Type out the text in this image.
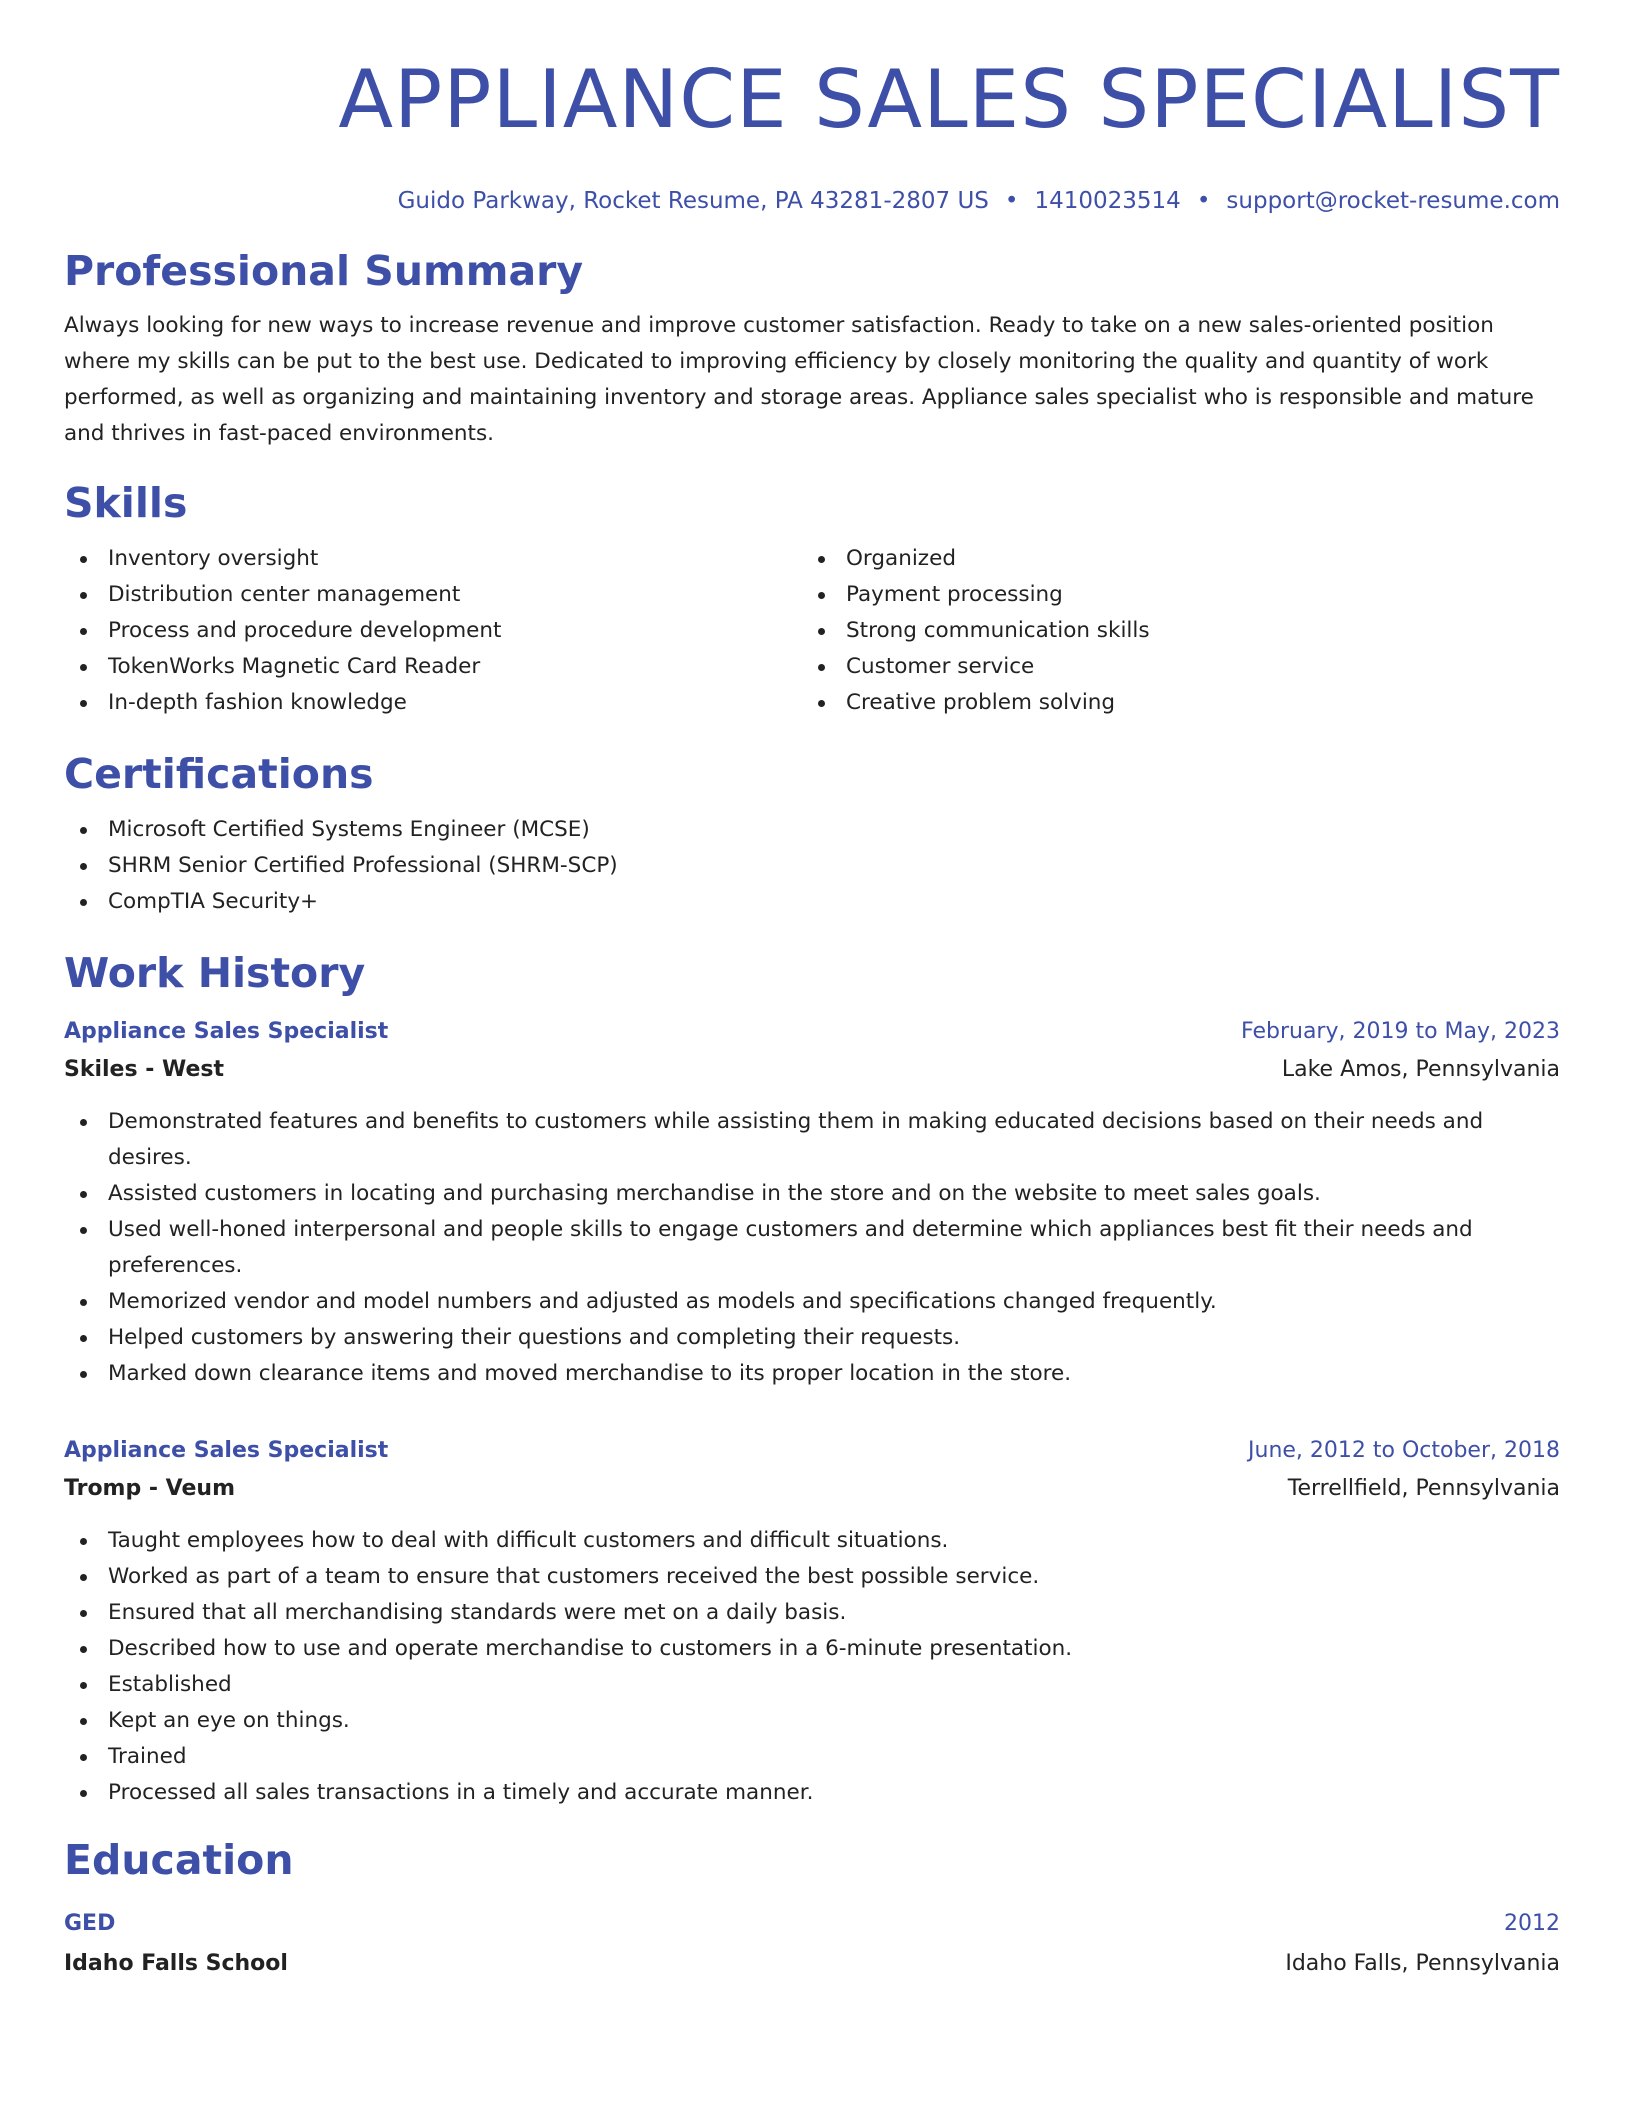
APPLIANCE SALES SPECIALIST
Guido Parkway, Rocket Resume, PA 43281-2807 US • 1410023514 • support@rocket-resume.com
Professional Summary
Always looking for new ways to increase revenue and improve customer satisfaction. Ready to take on a new sales-oriented position where my skills can be put to the best use. Dedicated to improving efficiency by closely monitoring the quality and quantity of work performed, as well as organizing and maintaining inventory and storage areas. Appliance sales specialist who is responsible and mature and thrives in fast-paced environments.
Skills
Inventory oversight
Distribution center management
Process and procedure development
TokenWorks Magnetic Card Reader
In-depth fashion knowledge
Organized
Payment processing
Strong communication skills
Customer service
Creative problem solving
Certifications
Microsoft Certified Systems Engineer (MCSE)
SHRM Senior Certified Professional (SHRM-SCP)
CompTIA Security+
Work History
Appliance Sales Specialist	February, 2019 to May, 2023
Skiles - West	Lake Amos, Pennsylvania
Demonstrated features and benefits to customers while assisting them in making educated decisions based on their needs and desires.
Assisted customers in locating and purchasing merchandise in the store and on the website to meet sales goals.
Used well-honed interpersonal and people skills to engage customers and determine which appliances best fit their needs and preferences.
Memorized vendor and model numbers and adjusted as models and specifications changed frequently.
Helped customers by answering their questions and completing their requests.
Marked down clearance items and moved merchandise to its proper location in the store.
Appliance Sales Specialist	June, 2012 to October, 2018
Tromp - Veum	Terrellfield, Pennsylvania
Taught employees how to deal with difficult customers and difficult situations.
Worked as part of a team to ensure that customers received the best possible service.
Ensured that all merchandising standards were met on a daily basis.
Described how to use and operate merchandise to customers in a 6-minute presentation.
Established
Kept an eye on things.
Trained
Processed all sales transactions in a timely and accurate manner.
Education
GED	2012
Idaho Falls School	Idaho Falls, Pennsylvania
